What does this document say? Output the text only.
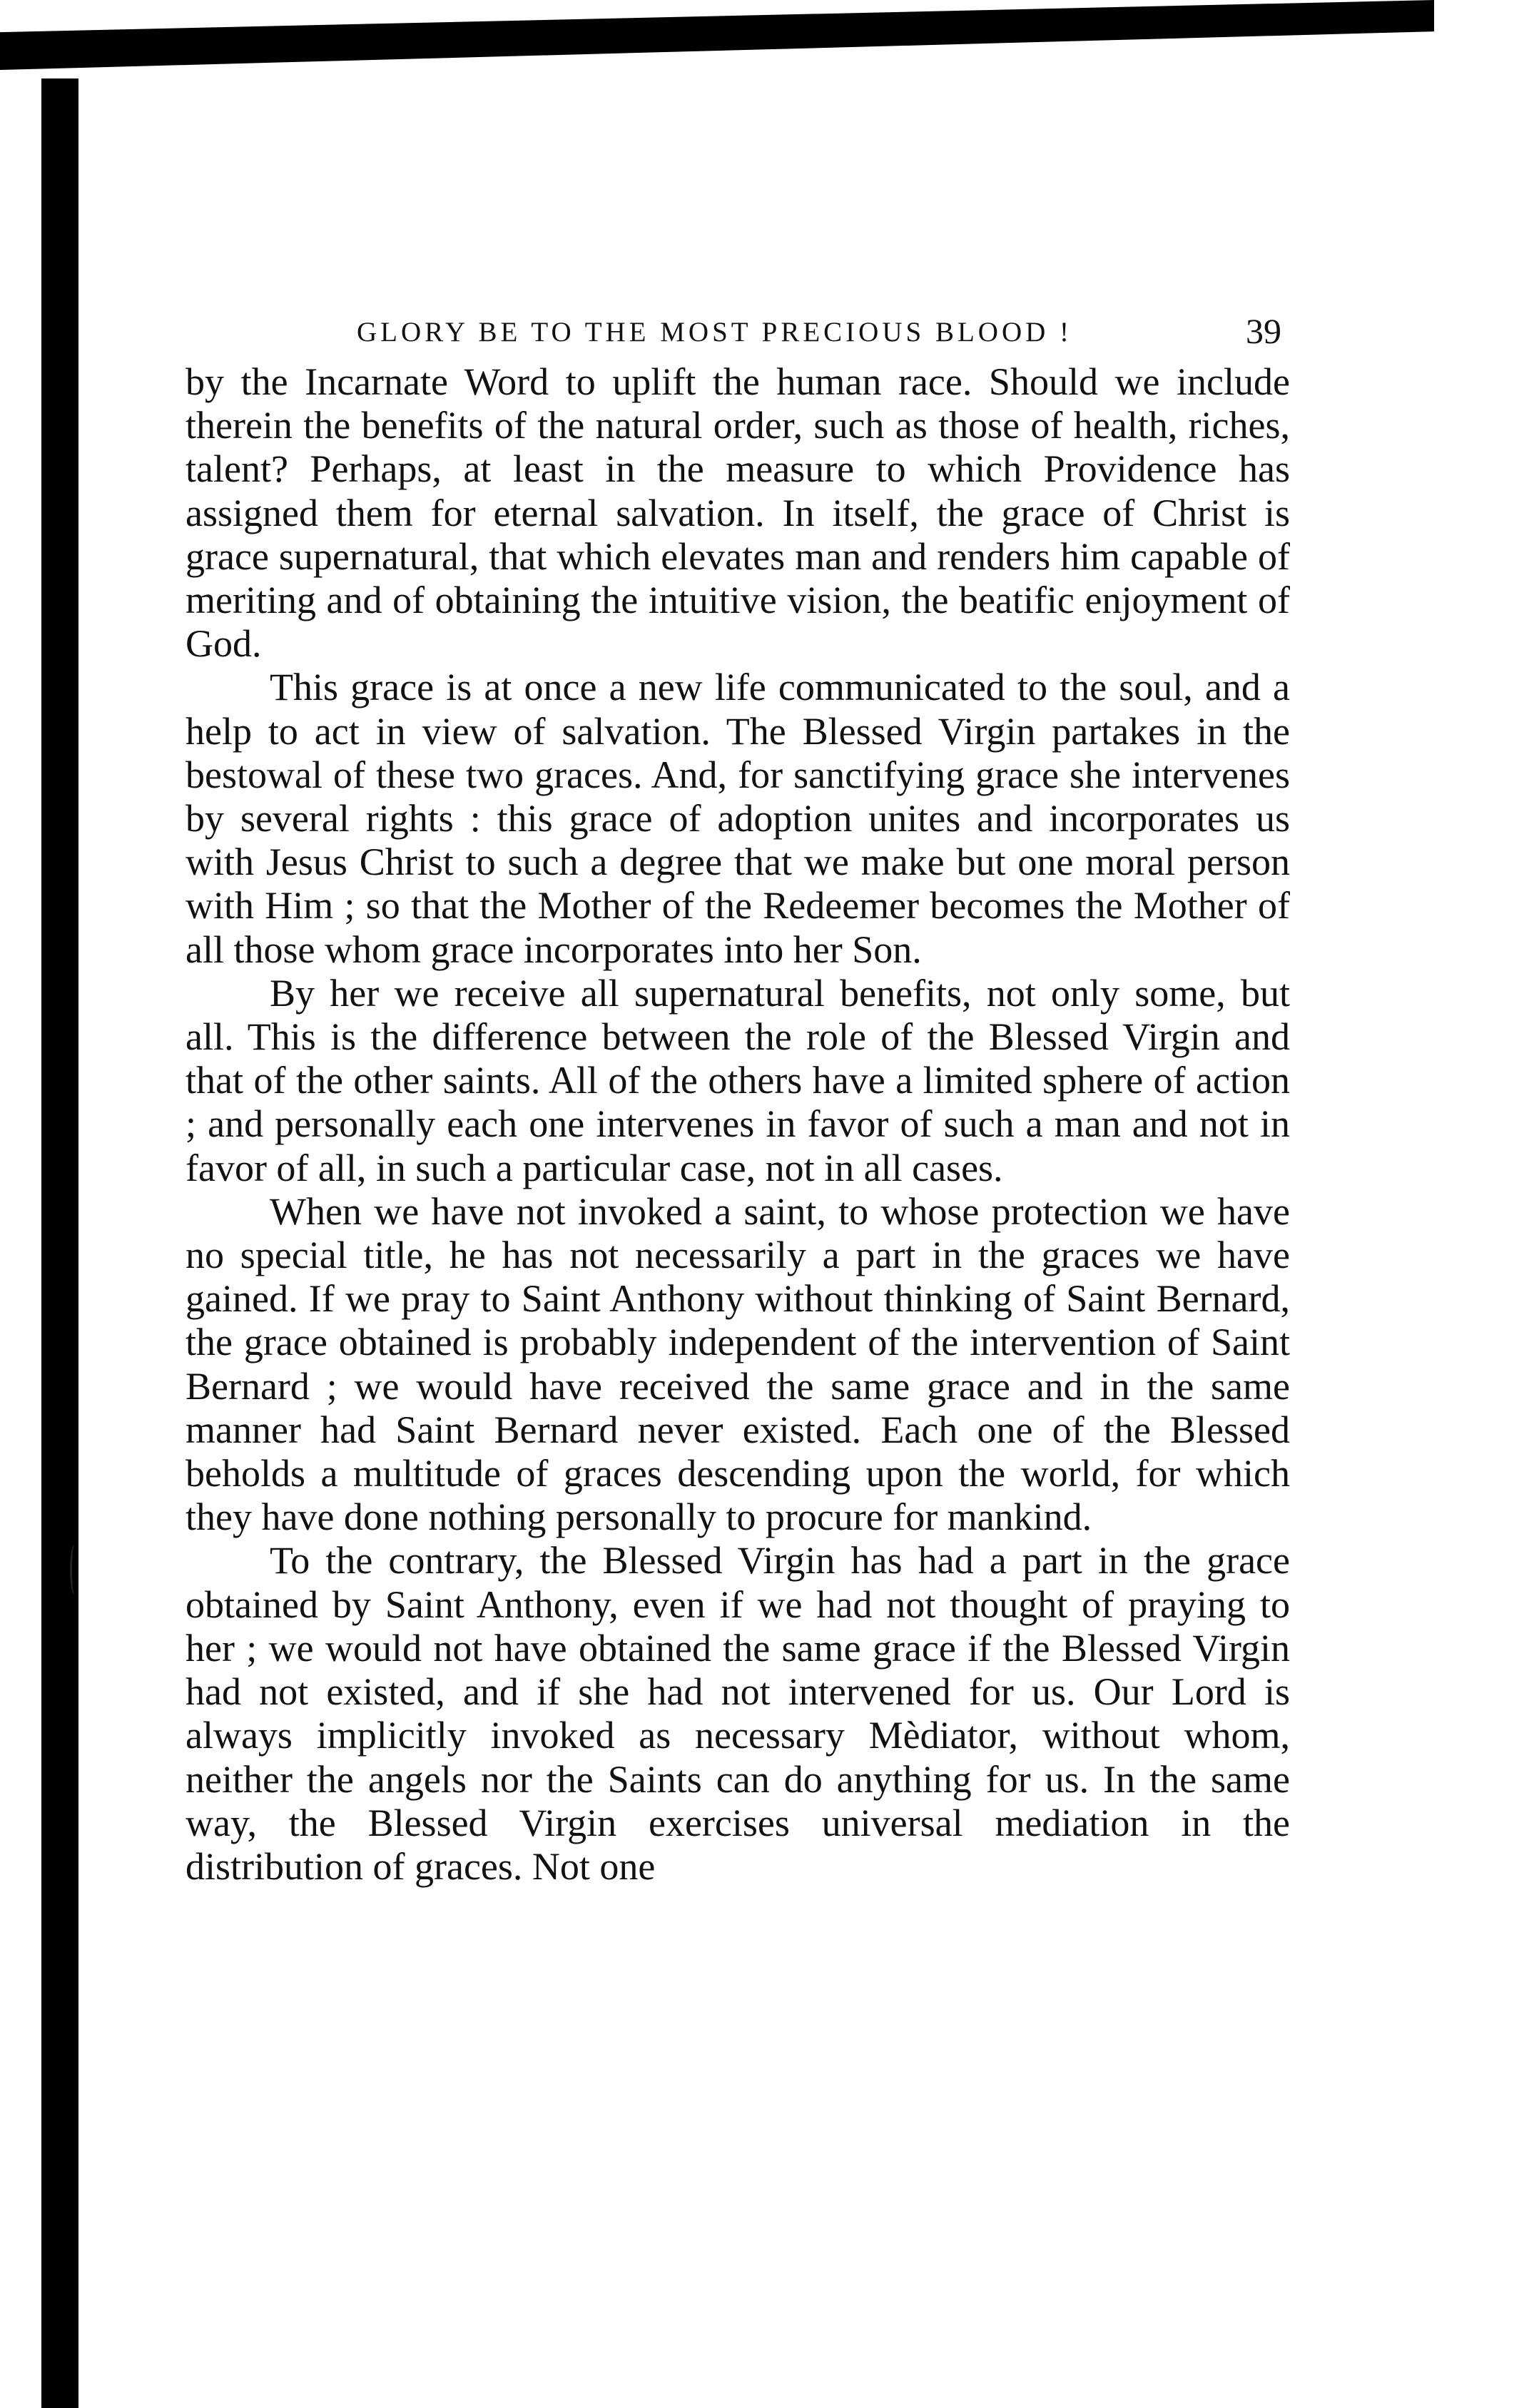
GLORY BE TO THE MOST PRECIOUS BLOOD !	39

by the Incarnate Word to uplift the human race. Should we include therein the benefits of the natural order, such as those of health, riches, talent? Perhaps, at least in the measure to which Providence has assigned them for eternal salvation. In itself, the grace of Christ is grace supernatural, that which elevates man and renders him capable of meriting and of obtaining the intuitive vision, the beatific enjoyment of God.

This grace is at once a new life communicated to the soul, and a help to act in view of salvation. The Blessed Virgin partakes in the bestowal of these two graces. And, for sanctifying grace she intervenes by several rights : this grace of adoption unites and incorporates us with Jesus Christ to such a degree that we make but one moral person with Him ; so that the Mother of the Redeemer becomes the Mother of all those whom grace incorporates into her Son.

By her we receive all supernatural benefits, not only some, but all. This is the difference between the role of the Blessed Virgin and that of the other saints. All of the others have a limited sphere of action ; and personally each one intervenes in favor of such a man and not in favor of all, in such a particular case, not in all cases.

When we have not invoked a saint, to whose protection we have no special title, he has not necessarily a part in the graces we have gained. If we pray to Saint Anthony without thinking of Saint Bernard, the grace obtained is probably independent of the intervention of Saint Bernard ; we would have received the same grace and in the same manner had Saint Bernard never existed. Each one of the Blessed beholds a multitude of graces descending upon the world, for which they have done nothing personally to procure for mankind.

To the contrary, the Blessed Virgin has had a part in the grace obtained by Saint Anthony, even if we had not thought of praying to her ; we would not have obtained the same grace if the Blessed Virgin had not existed, and if she had not intervened for us. Our Lord is always implicitly invoked as necessary Mèdiator, without whom, neither the angels nor the Saints can do anything for us. In the same way, the Blessed Virgin exercises universal mediation in the distribution of graces. Not one
